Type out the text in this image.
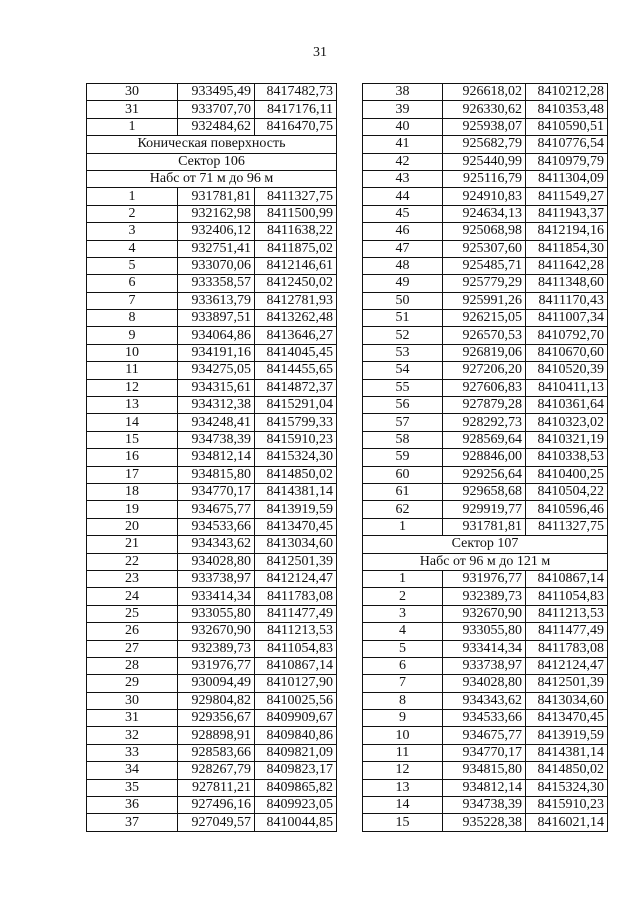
31
30	933495,49	8417482,73
31	933707,70	8417176,11
1	932484,62	8416470,75
Коническая поверхность		
Сектор 106		
Набс от 71 м до 96 м		
1	931781,81	8411327,75
2	932162,98	8411500,99
3	932406,12	8411638,22
4	932751,41	8411875,02
5	933070,06	8412146,61
6	933358,57	8412450,02
7	933613,79	8412781,93
8	933897,51	8413262,48
9	934064,86	8413646,27
10	934191,16	8414045,45
11	934275,05	8414455,65
12	934315,61	8414872,37
13	934312,38	8415291,04
14	934248,41	8415799,33
15	934738,39	8415910,23
16	934812,14	8415324,30
17	934815,80	8414850,02
18	934770,17	8414381,14
19	934675,77	8413919,59
20	934533,66	8413470,45
21	934343,62	8413034,60
22	934028,80	8412501,39
23	933738,97	8412124,47
24	933414,34	8411783,08
25	933055,80	8411477,49
26	932670,90	8411213,53
27	932389,73	8411054,83
28	931976,77	8410867,14
29	930094,49	8410127,90
30	929804,82	8410025,56
31	929356,67	8409909,67
32	928898,91	8409840,86
33	928583,66	8409821,09
34	928267,79	8409823,17
35	927811,21	8409865,82
36	927496,16	8409923,05
37	927049,57	8410044,85
38	926618,02	8410212,28
39	926330,62	8410353,48
40	925938,07	8410590,51
41	925682,79	8410776,54
42	925440,99	8410979,79
43	925116,79	8411304,09
44	924910,83	8411549,27
45	924634,13	8411943,37
46	925068,98	8412194,16
47	925307,60	8411854,30
48	925485,71	8411642,28
49	925779,29	8411348,60
50	925991,26	8411170,43
51	926215,05	8411007,34
52	926570,53	8410792,70
53	926819,06	8410670,60
54	927206,20	8410520,39
55	927606,83	8410411,13
56	927879,28	8410361,64
57	928292,73	8410323,02
58	928569,64	8410321,19
59	928846,00	8410338,53
60	929256,64	8410400,25
61	929658,68	8410504,22
62	929919,77	8410596,46
1	931781,81	8411327,75
Сектор 107		
Набс от 96 м до 121 м		
1	931976,77	8410867,14
2	932389,73	8411054,83
3	932670,90	8411213,53
4	933055,80	8411477,49
5	933414,34	8411783,08
6	933738,97	8412124,47
7	934028,80	8412501,39
8	934343,62	8413034,60
9	934533,66	8413470,45
10	934675,77	8413919,59
11	934770,17	8414381,14
12	934815,80	8414850,02
13	934812,14	8415324,30
14	934738,39	8415910,23
15	935228,38	8416021,14
